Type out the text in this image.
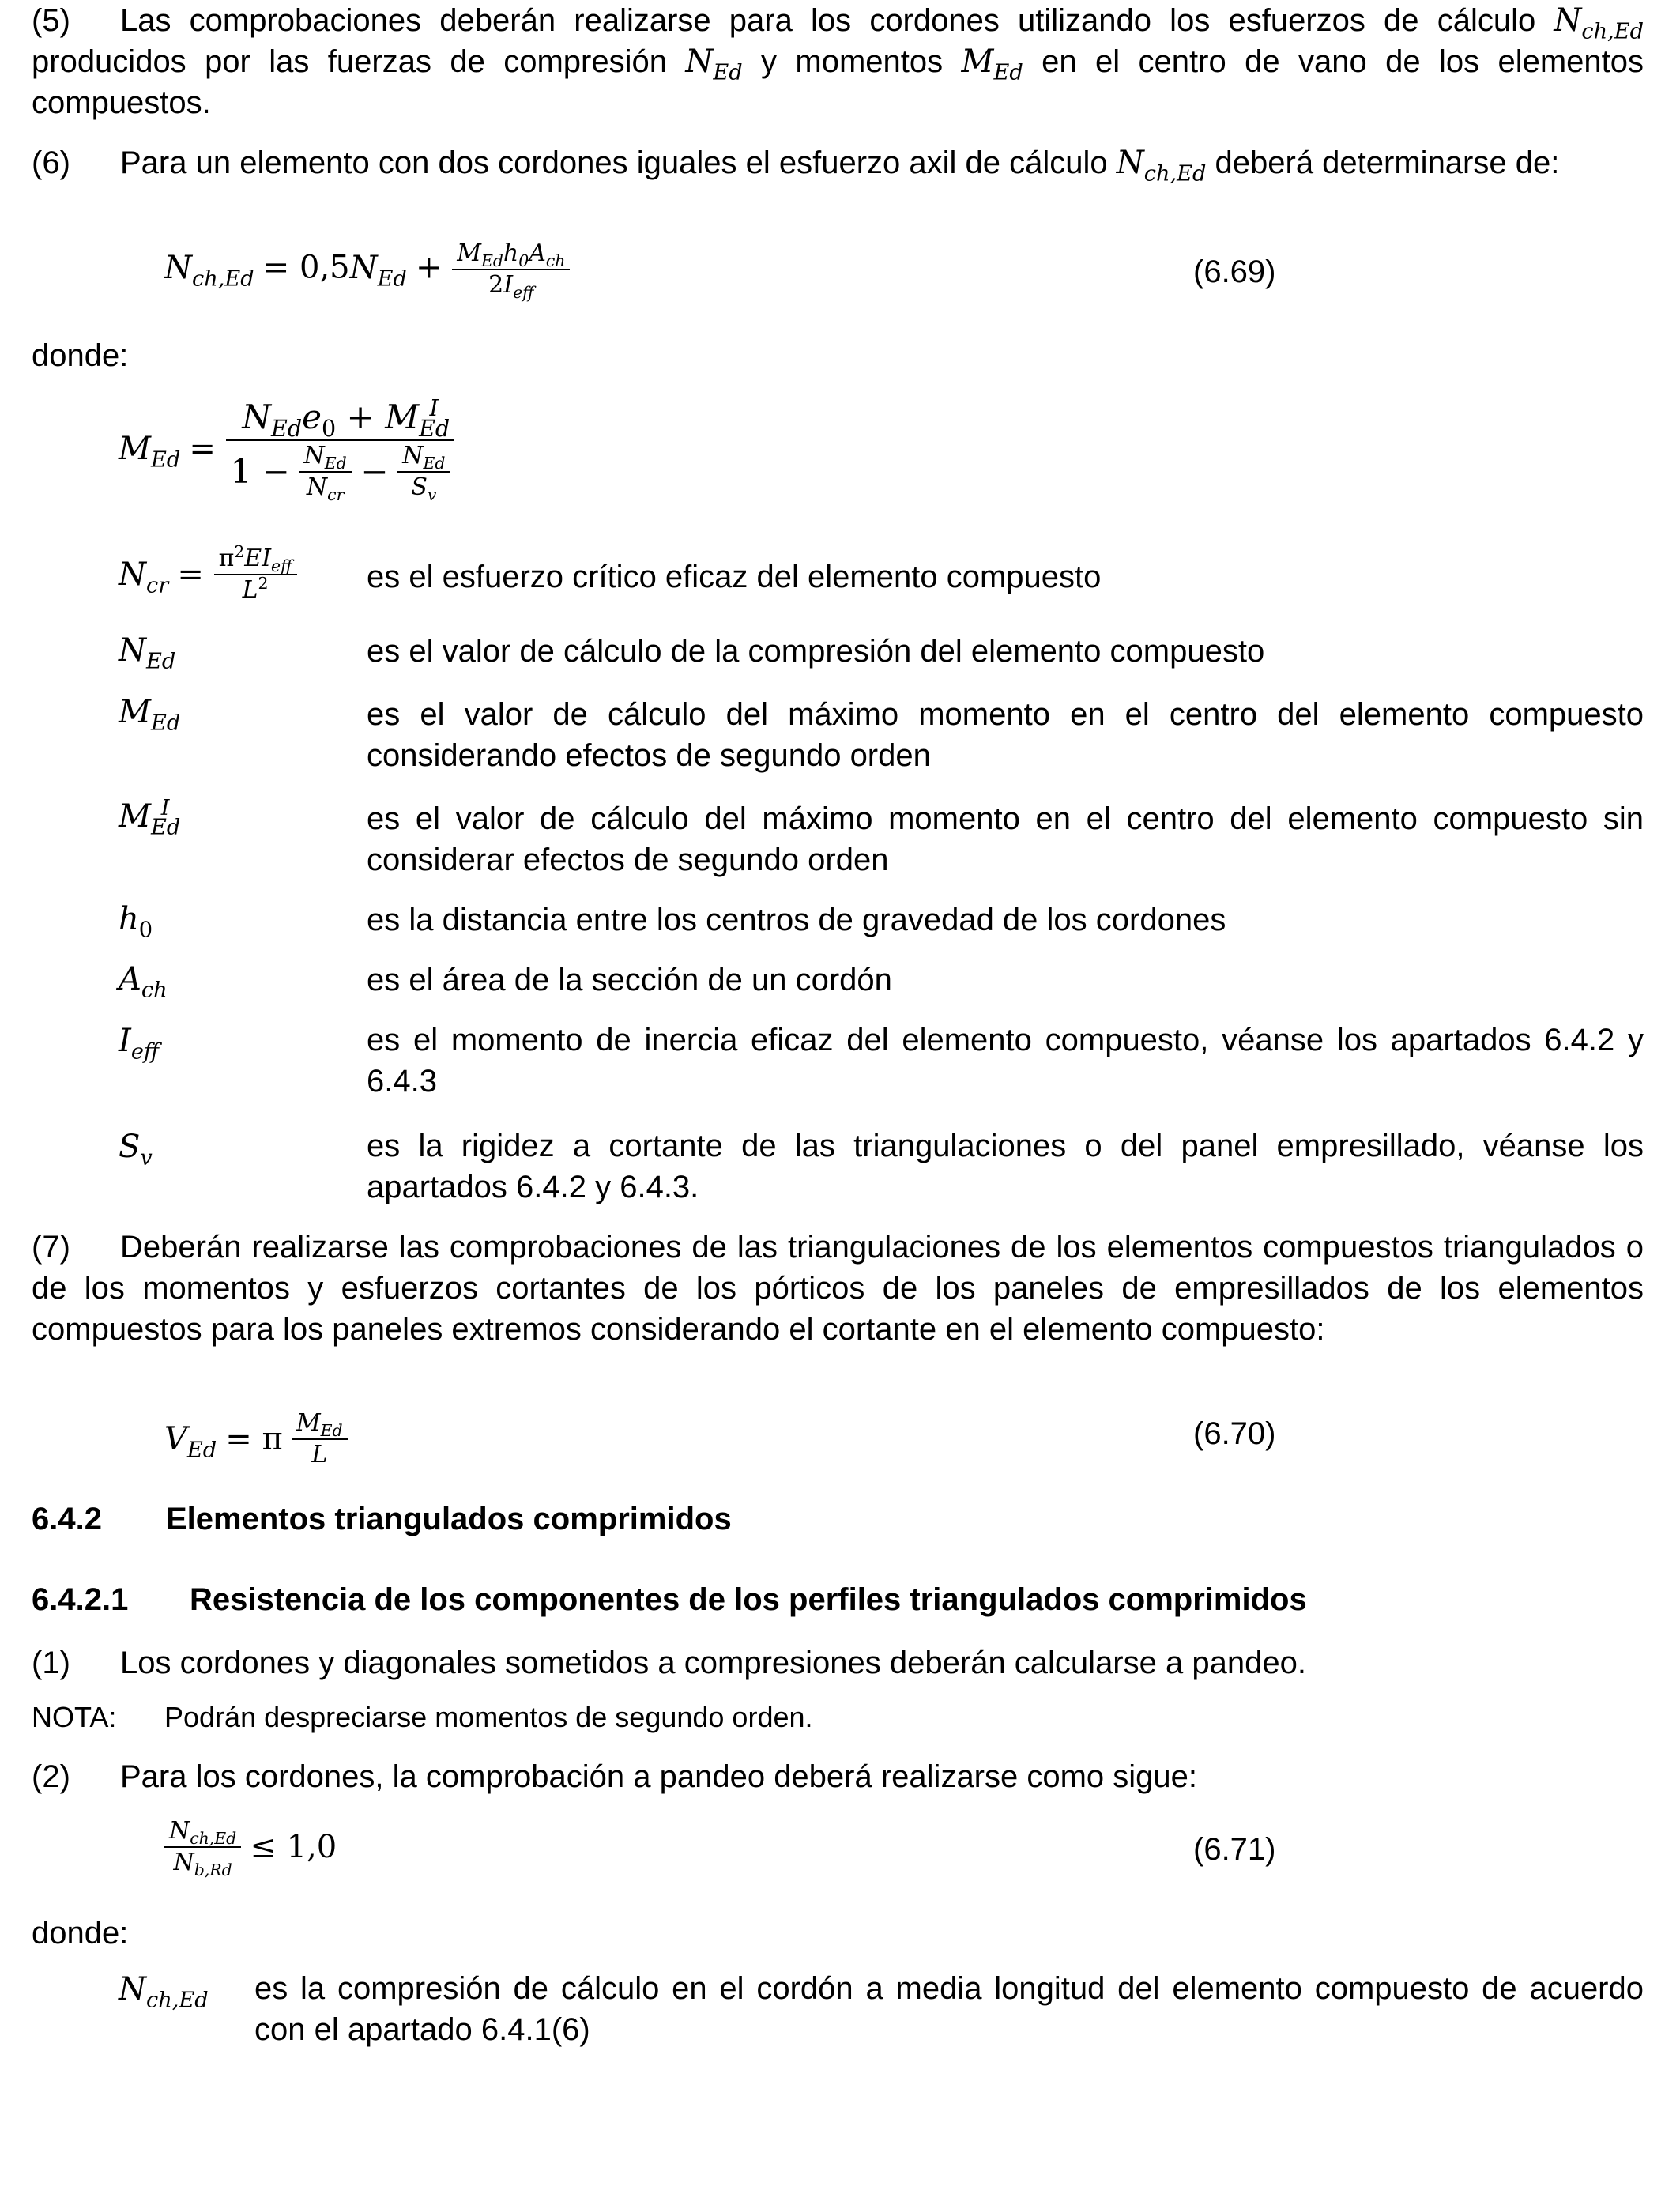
(5) Las comprobaciones deberán realizarse para los cordones utilizando los esfuerzos de cálculo $N_{ch,Ed}$ producidos por las fuerzas de compresión $N_{Ed}$ y momentos $M_{Ed}$ en el centro de vano de los elementos compuestos.

(6) Para un elemento con dos cordones iguales el esfuerzo axil de cálculo $N_{ch,Ed}$ deberá determinarse de:

$N_{ch,Ed} = 0,5N_{Ed} + \frac{M_{Ed}h_0A_{ch}}{2I_{eff}}$	(6.69)
donde:
$M_{Ed} = \frac{N_{Ed}e_0 + M_{Ed}^I}{1 - \frac{N_{Ed}}{N_{cr}} - \frac{N_{Ed}}{S_v}}$
$N_{cr} = \frac{\pi^2EI_{eff}}{L^2}$ es el esfuerzo crítico eficaz del elemento compuesto
$N_{Ed}$	es el valor de cálculo de la compresión del elemento compuesto
$M_{Ed}$	es el valor de cálculo del máximo momento en el centro del elemento compuesto considerando efectos de segundo orden
$M_{Ed}^I$	es el valor de cálculo del máximo momento en el centro del elemento compuesto sin considerar efectos de segundo orden
$h_0$	es la distancia entre los centros de gravedad de los cordones
$A_{ch}$	es el área de la sección de un cordón
$I_{eff}$	es el momento de inercia eficaz del elemento compuesto, véanse los apartados 6.4.2 y 6.4.3
$S_v$	es la rigidez a cortante de las triangulaciones o del panel empresillado, véanse los apartados 6.4.2 y 6.4.3.

(7) Deberán realizarse las comprobaciones de las triangulaciones de los elementos compuestos triangulados o de los momentos y esfuerzos cortantes de los pórticos de los paneles de empresillados de los elementos compuestos para los paneles extremos considerando el cortante en el elemento compuesto:

$V_{Ed} = \pi \frac{M_{Ed}}{L}$	(6.70)
6.4.2 Elementos triangulados comprimidos
6.4.2.1 Resistencia de los componentes de los perfiles triangulados comprimidos

(1) Los cordones y diagonales sometidos a compresiones deberán calcularse a pandeo.

NOTA: Podrán despreciarse momentos de segundo orden.

(2) Para los cordones, la comprobación a pandeo deberá realizarse como sigue:

$\frac{N_{ch,Ed}}{N_{b,Rd}} \le 1,0$	(6.71)
donde:
$N_{ch,Ed}$ es la compresión de cálculo en el cordón a media longitud del elemento compuesto de acuerdo con el apartado 6.4.1(6)
